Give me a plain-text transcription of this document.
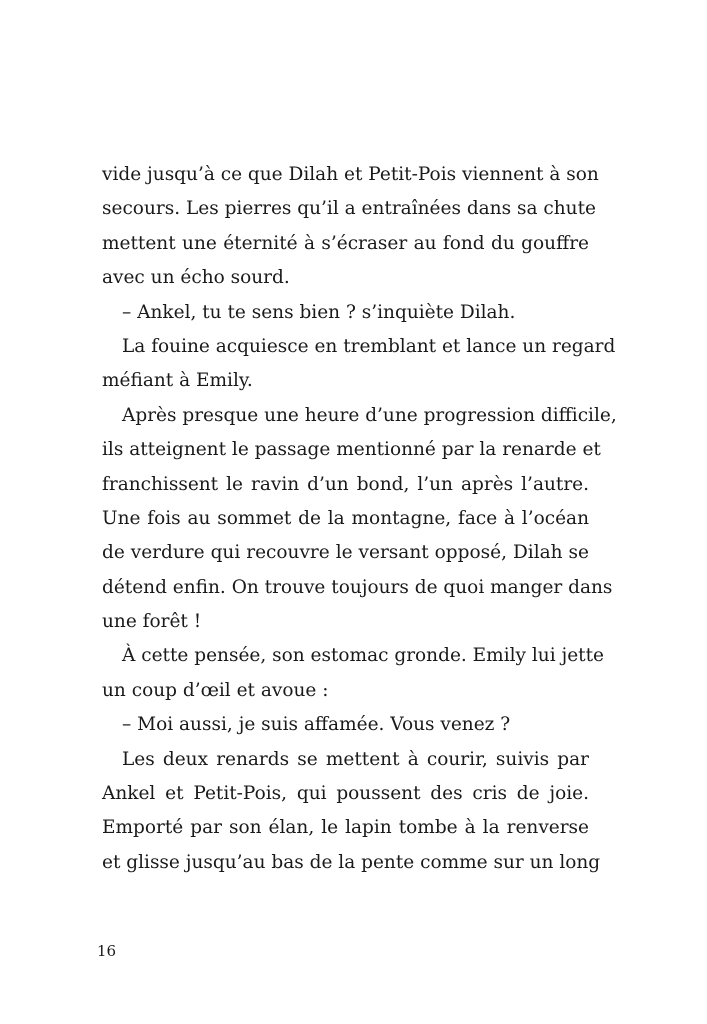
vide jusqu’à ce que Dilah et Petit-Pois viennent à son
secours. Les pierres qu’il a entraînées dans sa chute
mettent une éternité à s’écraser au fond du gouffre
avec un écho sourd.
– Ankel, tu te sens bien ? s’inquiète Dilah.
La fouine acquiesce en tremblant et lance un regard
méfiant à Emily.
Après presque une heure d’une progression difficile,
ils atteignent le passage mentionné par la renarde et
franchissent le ravin d’un bond, l’un après l’autre.
Une fois au sommet de la montagne, face à l’océan
de verdure qui recouvre le versant opposé, Dilah se
détend enfin. On trouve toujours de quoi manger dans
une forêt !
À cette pensée, son estomac gronde. Emily lui jette
un coup d’œil et avoue :
– Moi aussi, je suis affamée. Vous venez ?
Les deux renards se mettent à courir, suivis par
Ankel et Petit-Pois, qui poussent des cris de joie.
Emporté par son élan, le lapin tombe à la renverse
et glisse jusqu’au bas de la pente comme sur un long
16
